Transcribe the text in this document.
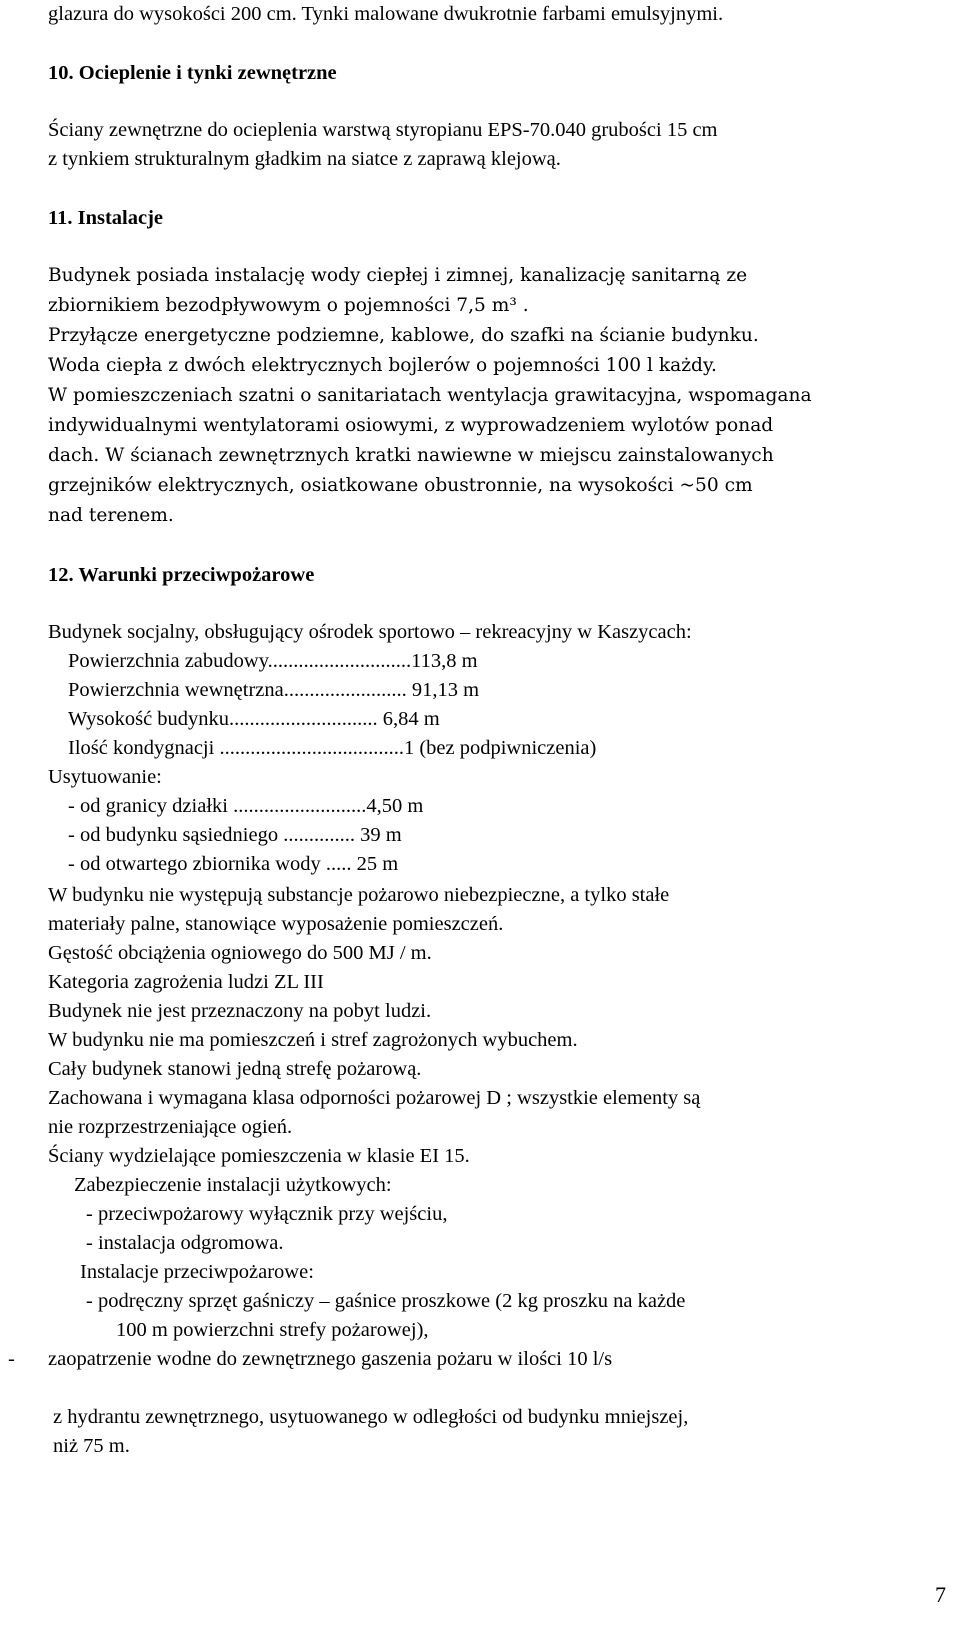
glazura do wysokości 200 cm. Tynki malowane dwukrotnie farbami emulsyjnymi.
10. Ocieplenie i tynki zewnętrzne
Ściany zewnętrzne do ocieplenia warstwą styropianu EPS-70.040 grubości 15 cm
z tynkiem strukturalnym gładkim na siatce z zaprawą klejową.
11. Instalacje
Budynek posiada instalację wody ciepłej i zimnej, kanalizację sanitarną ze
zbiornikiem bezodpływowym o pojemności 7,5 m³ .
Przyłącze energetyczne podziemne, kablowe, do szafki na ścianie budynku.
Woda ciepła z dwóch elektrycznych bojlerów o pojemności 100 l każdy.
W pomieszczeniach szatni o sanitariatach wentylacja grawitacyjna, wspomagana
indywidualnymi wentylatorami osiowymi, z wyprowadzeniem wylotów ponad
dach. W ścianach zewnętrznych kratki nawiewne w miejscu zainstalowanych
grzejników elektrycznych, osiatkowane obustronnie, na wysokości ~50 cm
nad terenem.
12. Warunki przeciwpożarowe
Budynek socjalny, obsługujący ośrodek sportowo – rekreacyjny w Kaszycach:
Powierzchnia zabudowy............................113,8 m
Powierzchnia wewnętrzna........................ 91,13 m
Wysokość budynku............................. 6,84 m
Ilość kondygnacji ....................................1 (bez podpiwniczenia)
Usytuowanie:
- od granicy działki ..........................4,50 m
- od budynku sąsiedniego .............. 39 m
- od otwartego zbiornika wody ..... 25 m
W budynku nie występują substancje pożarowo niebezpieczne, a tylko stałe
materiały palne, stanowiące wyposażenie pomieszczeń.
Gęstość obciążenia ogniowego do 500 MJ / m.
Kategoria zagrożenia ludzi ZL III
Budynek nie jest przeznaczony na pobyt ludzi.
W budynku nie ma pomieszczeń i stref zagrożonych wybuchem.
Cały budynek stanowi jedną strefę pożarową.
Zachowana i wymagana klasa odporności pożarowej D ; wszystkie elementy są
nie rozprzestrzeniające ogień.
Ściany wydzielające pomieszczenia w klasie EI 15.
Zabezpieczenie instalacji użytkowych:
- przeciwpożarowy wyłącznik przy wejściu,
- instalacja odgromowa.
Instalacje przeciwpożarowe:
- podręczny sprzęt gaśniczy – gaśnice proszkowe (2 kg proszku na każde
100 m powierzchni strefy pożarowej),
- zaopatrzenie wodne do zewnętrznego gaszenia pożaru w ilości 10 l/s
z hydrantu zewnętrznego, usytuowanego w odległości od budynku mniejszej,
niż 75 m.
7
